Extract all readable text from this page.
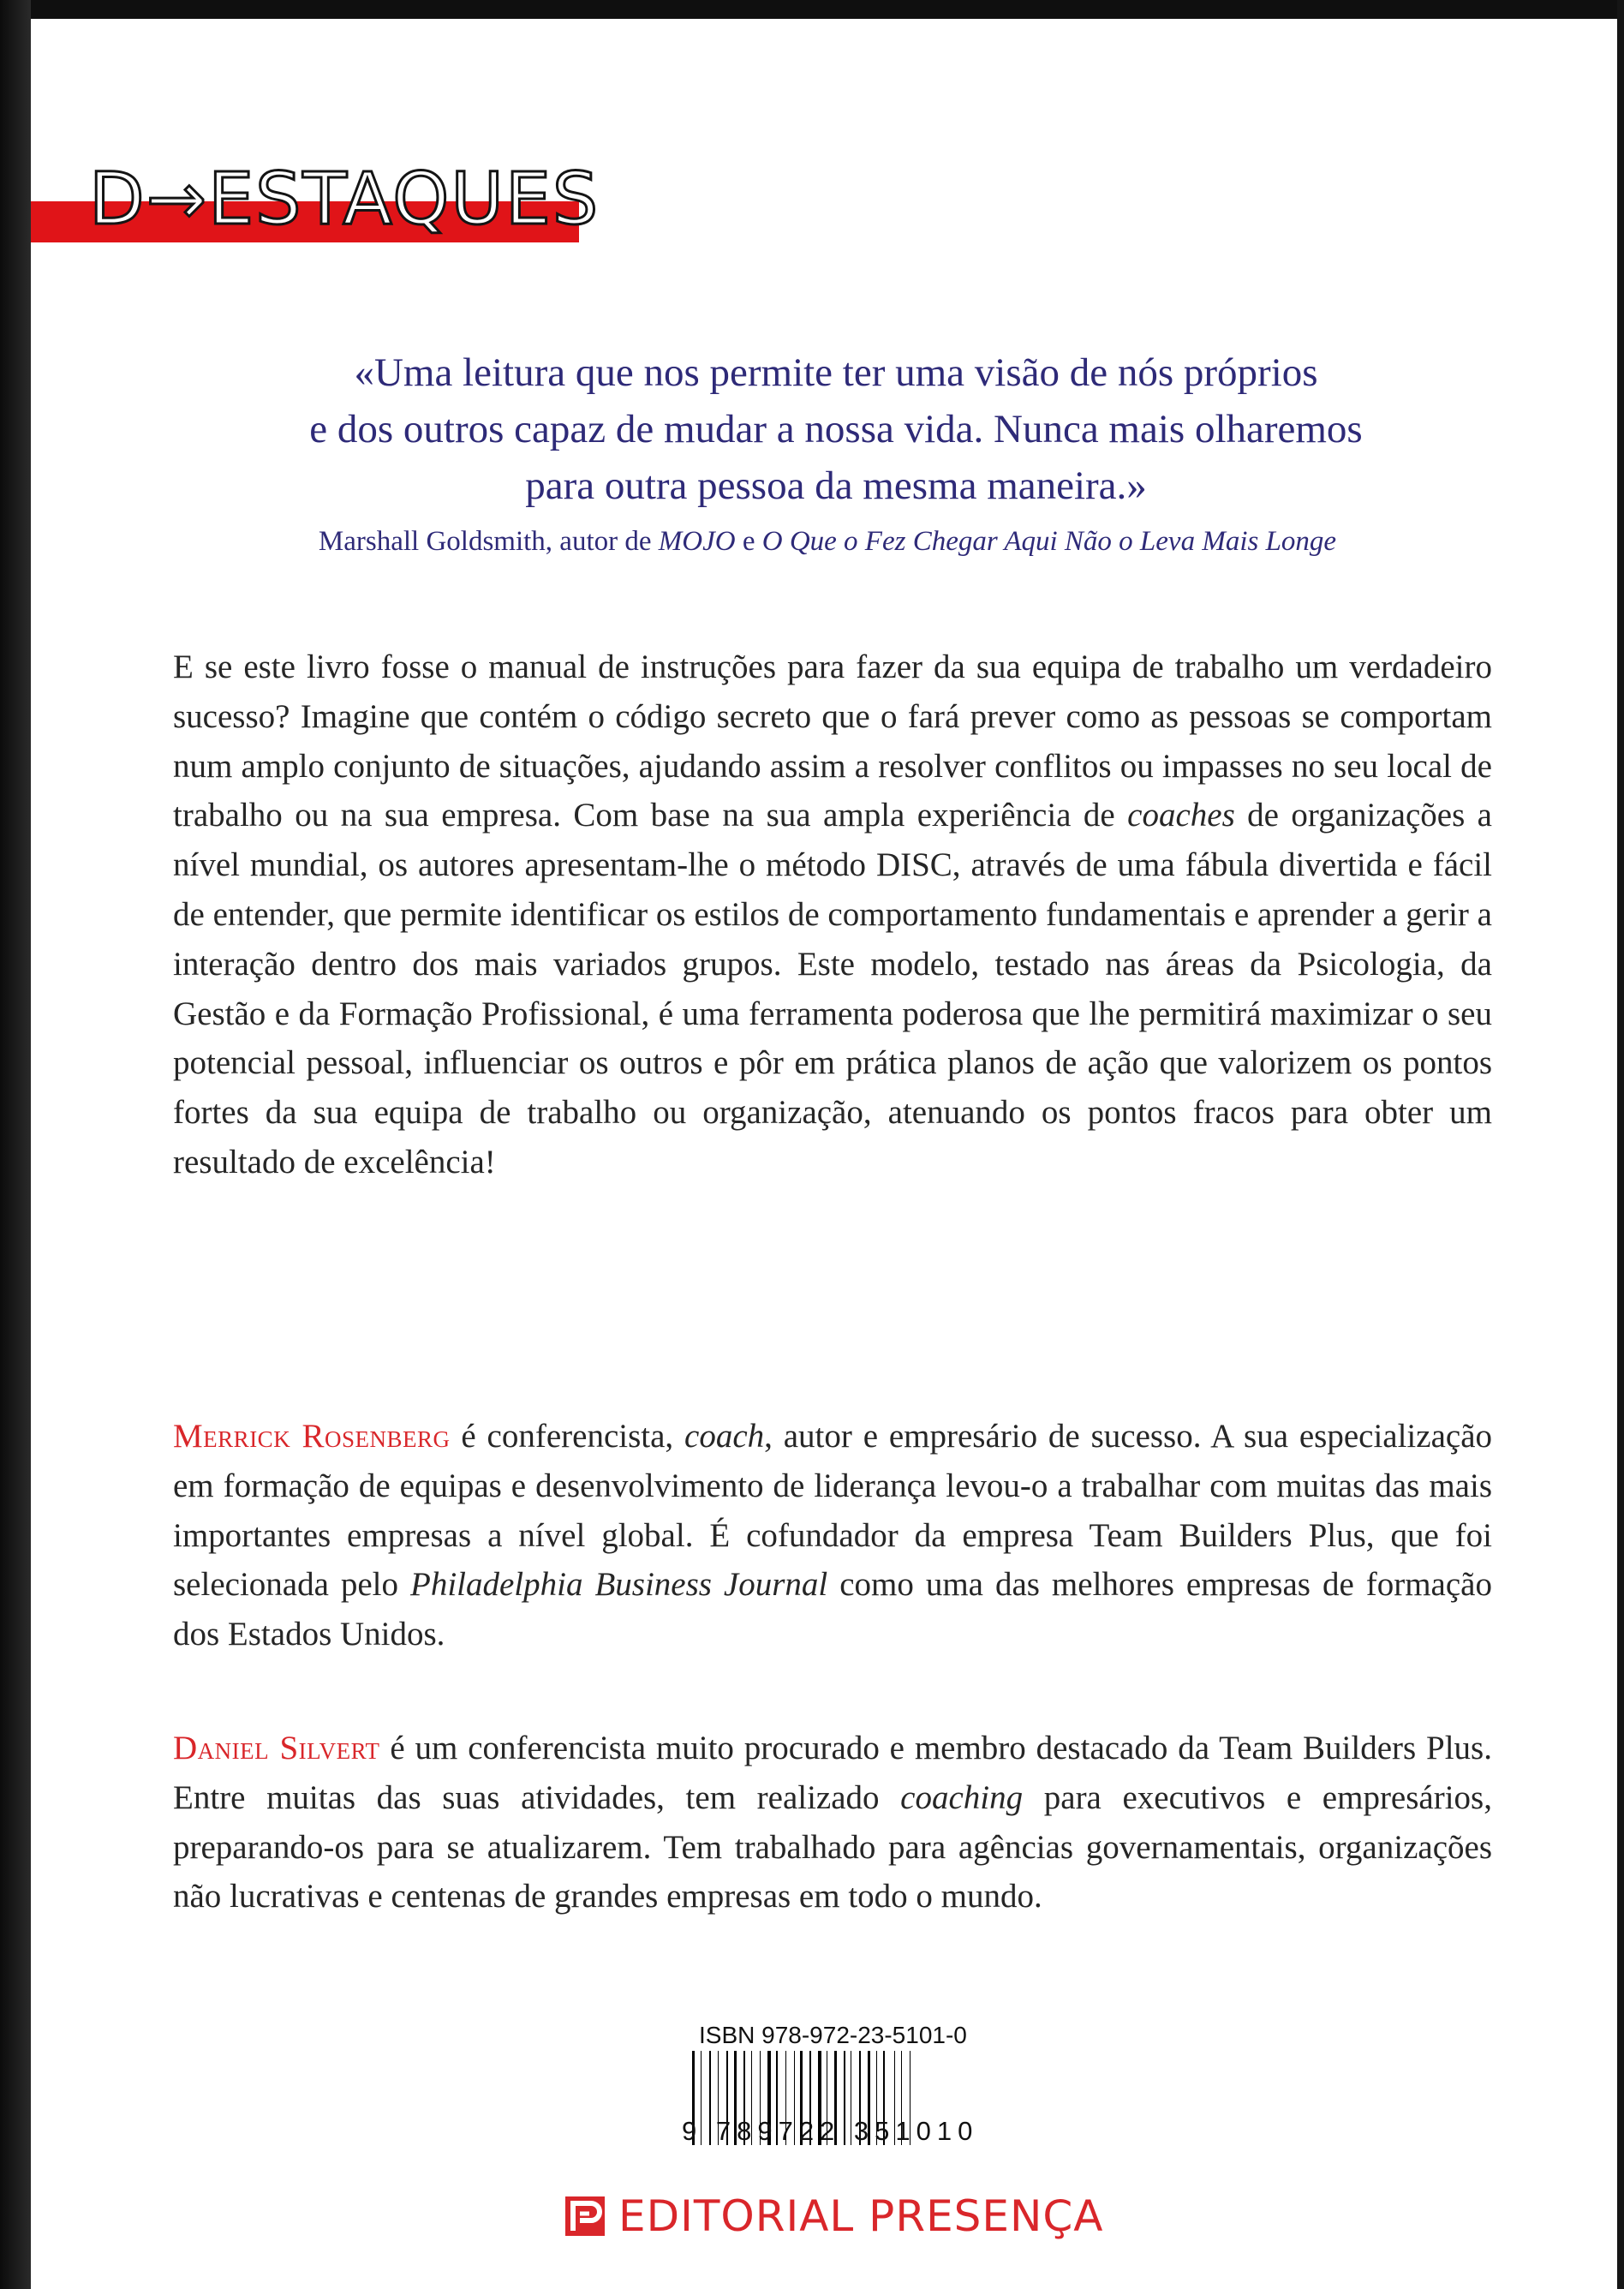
D→ESTAQUES
«Uma leitura que nos permite ter uma visão de nós próprios
e dos outros capaz de mudar a nossa vida. Nunca mais olharemos
para outra pessoa da mesma maneira.»
Marshall Goldsmith, autor de MOJO e O Que o Fez Chegar Aqui Não o Leva Mais Longe
E se este livro fosse o manual de instruções para fazer da sua equipa de trabalho um verdadeiro sucesso? Imagine que contém o código secreto que o fará prever como as pessoas se comportam num amplo conjunto de situações, ajudando assim a resolver conflitos ou impasses no seu local de trabalho ou na sua empresa. Com base na sua ampla experiência de coaches de organizações a nível mundial, os autores apresentam-lhe o método DISC, através de uma fábula divertida e fácil de entender, que permite identificar os estilos de comportamento fundamentais e aprender a gerir a interação dentro dos mais variados grupos. Este modelo, testado nas áreas da Psicologia, da Gestão e da Formação Profissional, é uma ferramenta poderosa que lhe permitirá maximizar o seu potencial pessoal, influenciar os outros e pôr em prática planos de ação que valorizem os pontos fortes da sua equipa de trabalho ou organização, atenuando os pontos fracos para obter um resultado de excelência!
Merrick Rosenberg é conferencista, coach, autor e empresário de sucesso. A sua especialização em formação de equipas e desenvolvimento de liderança levou-o a trabalhar com muitas das mais importantes empresas a nível global. É cofundador da empresa Team Builders Plus, que foi selecionada pelo Philadelphia Business Journal como uma das melhores empresas de formação dos Estados Unidos.
Daniel Silvert é um conferencista muito procurado e membro destacado da Team Builders Plus. Entre muitas das suas atividades, tem realizado coaching para executivos e empresários, preparando-os para se atualizarem. Tem trabalhado para agências governamentais, organizações não lucrativas e centenas de grandes empresas em todo o mundo.
ISBN 978-972-23-5101-0
9 789722 351010
EDITORIAL PRESENÇA
